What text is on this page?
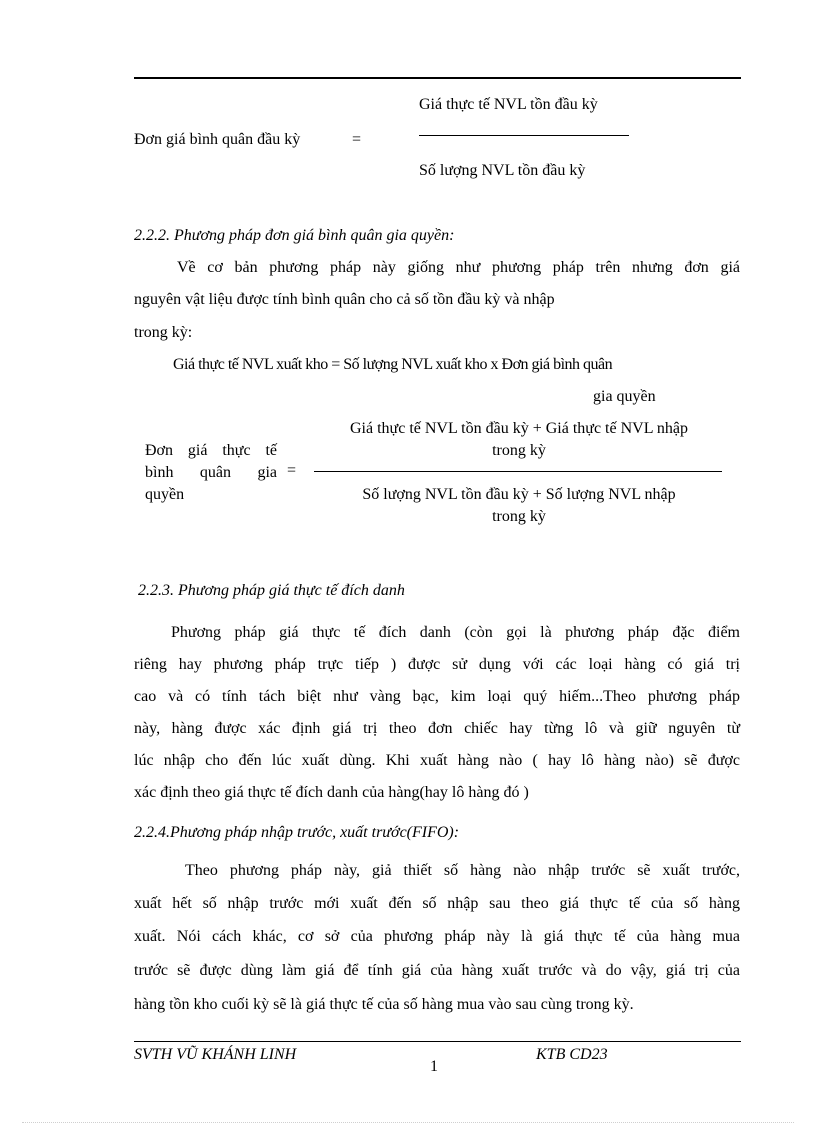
Giá thực tế NVL tồn đầu kỳ
Đơn giá bình quân đầu kỳ	=
Số lượng NVL tồn đầu kỳ
2.2.2. Phương pháp đơn giá bình quân gia quyền:
Về cơ bản phương pháp này giống như phương pháp trên nhưng đơn giá
nguyên vật liệu được tính bình quân cho cả số tồn đầu kỳ và nhập
trong kỳ:
Giá thực tế NVL xuất kho = Số lượng NVL xuất kho x Đơn giá bình quân
gia quyền
Giá thực tế NVL tồn đầu kỳ + Giá thực tế NVL nhập
trong kỳ
Đơn giá thực tế
bình quân gia
quyền
=
Số lượng NVL tồn đầu kỳ + Số lượng NVL nhập
trong kỳ
2.2.3. Phương pháp giá thực tế đích danh
Phương pháp giá thực tế đích danh (còn gọi là phương pháp đặc điểm
riêng hay phương pháp trực tiếp ) được sử dụng với các loại hàng có giá trị
cao và có tính tách biệt như vàng bạc, kim loại quý hiếm...Theo phương pháp
này, hàng được xác định giá trị theo đơn chiếc hay từng lô và giữ nguyên từ
lúc nhập cho đến lúc xuất dùng. Khi xuất hàng nào ( hay lô hàng nào) sẽ được
xác định theo giá thực tế đích danh của hàng(hay lô hàng đó )
2.2.4.Phương pháp nhập trước, xuất trước(FIFO):
Theo phương pháp này, giả thiết số hàng nào nhập trước sẽ xuất trước,
xuất hết số nhập trước mới xuất đến số nhập sau theo giá thực tế của số hàng
xuất. Nói cách khác, cơ sở của phương pháp này là giá thực tế của hàng mua
trước sẽ được dùng làm giá để tính giá của hàng xuất trước và do vậy, giá trị của
hàng tồn kho cuối kỳ sẽ là giá thực tế của số hàng mua vào sau cùng trong kỳ.
SVTH VŨ KHÁNH LINH
1
KTB CD23
